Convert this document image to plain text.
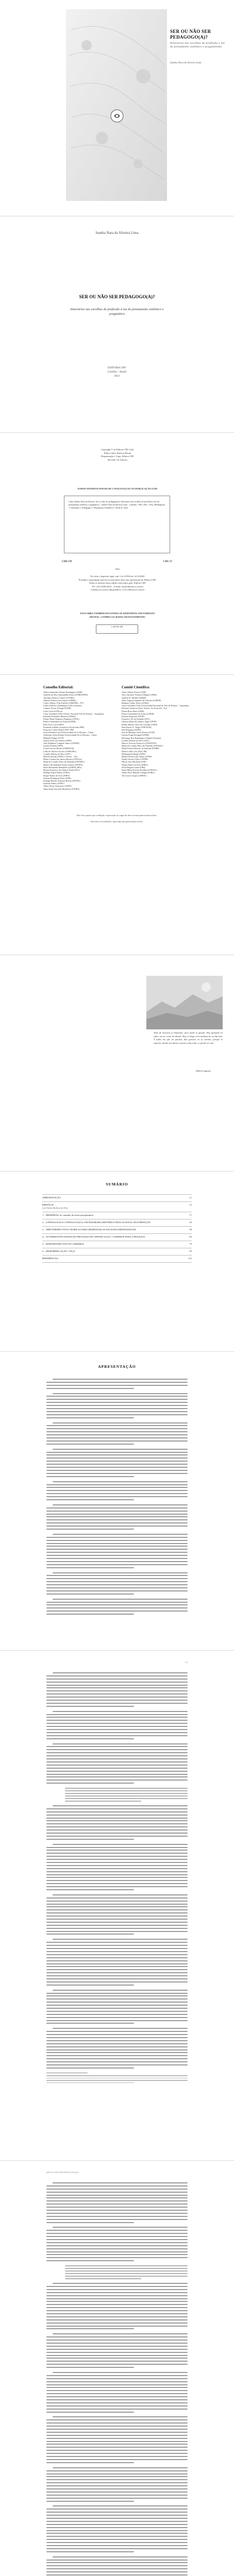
SER OU NÃO SER PEDAGOGO(A)?
Itinerários nas escolhas do profissão e luz do pensamento sistêmico e pragmatismo
Sandra Nara da Silveira Lima
Sandra Nara da Silveira Lima
SER OU NÃO SER PEDAGOGO(A)?
Itinerários nas escolhas de profissão à luz do pensamento sistêmico e pragmático
EDITORA CRV
Curitiba – Brasil
2021
Copyright © da Editora CRV Ltda.
Editor-chefe: Railson Moura
Diagramação e Capa: Editora CRV
Revisão: Os Autores
DADOS INTERNACIONAIS DE CATALOGAÇÃO NA PUBLICAÇÃO (CIP)
Lima, Sandra Nara da Silveira. Ser ou não ser pedagogo(a)? Itinerários nas escolhas de profissão à luz do pensamento sistêmico e pragmático. / Sandra Nara da Silveira Lima – Curitiba : CRV, 2021. 118 p. Bibliografia. 1. Educação 2. Pedagogia 3. Pensamento Sistêmico I. Título II. Série
CDD 370	CDU 37
2021
Foi feito o depósito legal conf. Lei 10.994 de 14/12/2004
Proibida a reprodução parcial ou total desta obra sem autorização da Editora CRV
Todos os direitos desta edição reservados pela: Editora CRV
Tel.: (41) 3039-6418 – E-mail: sac@editoracrv.com.br
Conheça os nossos lançamentos: www.editoracrv.com.br
ESTA OBRA TAMBÉM ENCONTRA-SE DISPONÍVEL EM FORMATO DIGITAL. CONHEÇA E BAIXE GRATUITAMENTE!
cc BY-NC-ND
Conselho Editorial:
Aldira Guimarães Duarte Domínguez (UNB)
Andréia da Silva Quintanilha Sousa (UNIR/UFRN)
Anselmo Alencar Colares (UFOPA)
Antônio Pereira Gaio Júnior (UFRRJ)
Carlos Alberto Vilar Estêvão (UMINHO – PT)
Carlos Federico Domínguez Avila (Unieuro)
Carmen Tereza Velanga (UNIR)
Celso Conti (UFSCar)
Cesar Gerónimo Tello (Univer. Nacional Três de Febrero – Argentina)
Eduardo Fernandes Barbosa (UFMG)
Elione Maria Nogueira Diogenes (UFAL)
Elizeu Clementino de Souza (UNEB)
Élsio José Corá (UFFS)
Fernando Antônio Gonçalves Alcoforado (IPB)
Francisco Carlos Duarte (PUC-PR)
Gloria Fariñas León (Universidade de La Havana – Cuba)
Guillermo Arias Beatón (Universidade de La Havana – Cuba)
Helmuth Krüger (UCP)
Jailson Alves dos Santos (UFRJ)
João Adalberto Campato Junior (UNESP)
Josania Portela (UFPI)
Leonel Severo Rocha (UNISINOS)
Lídia de Oliveira Xavier (UNIEURO)
Lourdes Helena da Silva (UFV)
Marcelo Paixão (UFRJ e UTexas – US)
Maria Cristina dos Santos Bezerra (UFSCar)
Maria de Lourdes Pinto de Almeida (UNOESC)
Maria Lília Imbiriba Sousa Colares (UFOPA)
Paulo Romualdo Hernandes (UNIFAL-MG)
Renato Francisco dos Santos Paula (UFG)
Rodrigo Pratte-Santos (UFES)
Sérgio Nunes de Jesus (IFRO)
Simone Rodrigues Pinto (UNB)
Solange Helena Ximenes-Rocha (UFOPA)
Sydione Santos (UEPG)
Tadeu Oliver Gonçalves (UFPA)
Tania Suely Azevedo Brasileiro (UFOPA)
Comitê Científico:
Altair Alberto Fávero (UPF)
Ana Chrystina Venancio Mignot (UERJ)
Andréia N. Militão (UEMS)
Anna Augusta Sampaio de Oliveira (UNESP)
Barbara Coelho Neves (UFBA)
Cesar Gerónimo Tello (Universidad Nacional de Três de Febrero – Argentina)
Diosnel Centurion (Univ Americ. de Asunción – Py)
Eliane Rose Maio (UEM)
Elizeu Clementino de Souza (UNEB)
Fauston Negreiros (UFPI)
Francisco Ari de Andrade (UFC)
Gláucia Maria dos Santos Jorge (UFOP)
Helder Buenos Aires de Carvalho (UFPI)
Ilma Passos A. Veiga (UNICEUB)
Inês Bragança (UERJ)
José de Ribamar Sousa Pereira (UCB)
Jussara Fraga Portugal (UNEB)
Kilwangy Kya Kapitango-a-Samba (Unemat)
Lourdes Helena da Silva (UFV)
Marcos Vinicius Francisco (UNOESTE)
Maria de Lourdes Pinto de Almeida (UNOESC)
Maria Eurácia Barreto de Andrade (UFRB)
Maria Lurdes Gisi (PUC-PR)
Mohammed Elhajji (UFRJ)
Mônica Pereira dos Santos (UFRJ)
Najela Tavares Ujiie (UTFPR)
Nilson José Machado (USP)
Sérgio Nunes de Jesus (IFRO)
Silvia Regina Canan (URI)
Sonia Maria Ferreira Koehler (UNISAL)
Vânia Alves Martins Chaigar (FURG)
Vera Lucia Gaspar (UDESC)
Este livro passou por avaliação e aprovação às cegas de dois ou mais pareceristas ad hoc.
Este livro foi avaliado e aprovado por pareceristas ad hoc.
Todo de nosotros te llamamos, pero nadie te quedas. Hoy ganando en saber un ser como los demás. Hoy se llega en la mañana de un día más. Y todos los que no pueden, dan gracias en su camino, porque te esperan, donde nos damos cuenta si hay todo, se puede ser uno.
Rubén Lagunas
SUMÁRIO
APRESENTAÇÃO	11
PREFÁCIO
Luiz Afonso Barbosa da Silva
13
1 – MEMÓRIAS: do caminho da autora-pesquisadora	17
2 – A PEDAGOGIA E O PEDAGOGO(A): UM PANORAMA HISTÓRICO-EDUCACIONAL DA FORMAÇÃO	23
3 – TRÊS PERSPECTIVAS TEÓRICAS PARA (RE)PENSAR AS ESCOLHAS PROFISSIONAIS	39
4 – OS PERMANTES PASSOS DO PROCESSO DE CERTIFICAÇÃO: CAMINHOS PARA A PESQUISA	63
5 – DESENHANDO NOVOS CAMINHOS	75
6 – (RE)FORMULAÇÃO / TAÇA	95
REFERÊNCIAS	113
APRESENTAÇÃO
12
SER OU NÃO SER PEDAGOGO(A)?
